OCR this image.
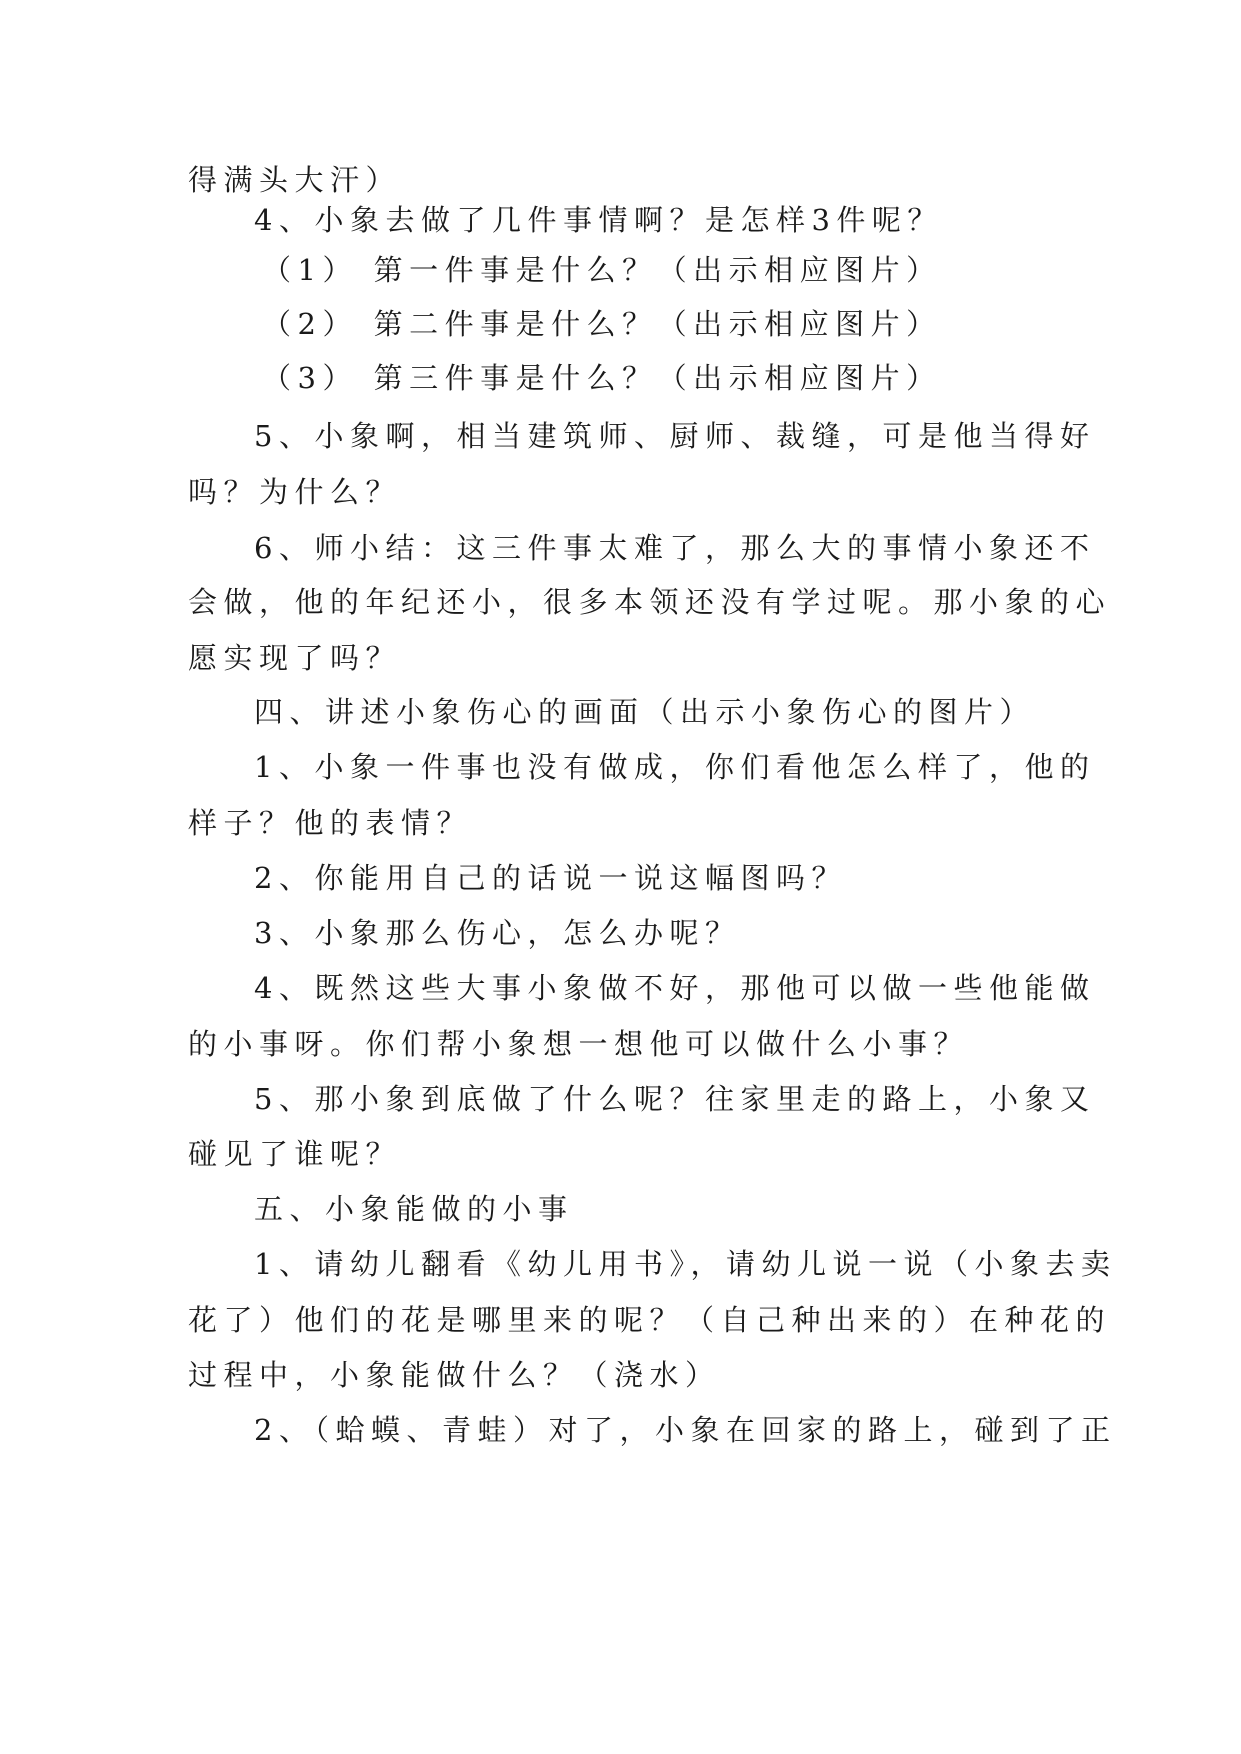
得满头大汗）
4、小象去做了几件事情啊？是怎样3件呢？
（1） 第一件事是什么？（出示相应图片）
（2） 第二件事是什么？（出示相应图片）
（3） 第三件事是什么？（出示相应图片）
5、小象啊，相当建筑师、厨师、裁缝，可是他当得好
吗？为什么？
6、师小结：这三件事太难了，那么大的事情小象还不
会做，他的年纪还小，很多本领还没有学过呢。那小象的心
愿实现了吗？
四、讲述小象伤心的画面（出示小象伤心的图片）
1、小象一件事也没有做成，你们看他怎么样了，他的
样子？他的表情？
2、你能用自己的话说一说这幅图吗？
3、小象那么伤心，怎么办呢？
4、既然这些大事小象做不好，那他可以做一些他能做
的小事呀。你们帮小象想一想他可以做什么小事？
5、那小象到底做了什么呢？往家里走的路上，小象又
碰见了谁呢？
五、小象能做的小事
1、请幼儿翻看《幼儿用书》，请幼儿说一说（小象去卖
花了）他们的花是哪里来的呢？（自己种出来的）在种花的
过程中，小象能做什么？（浇水）
2、（蛤蟆、青蛙）对了，小象在回家的路上，碰到了正
